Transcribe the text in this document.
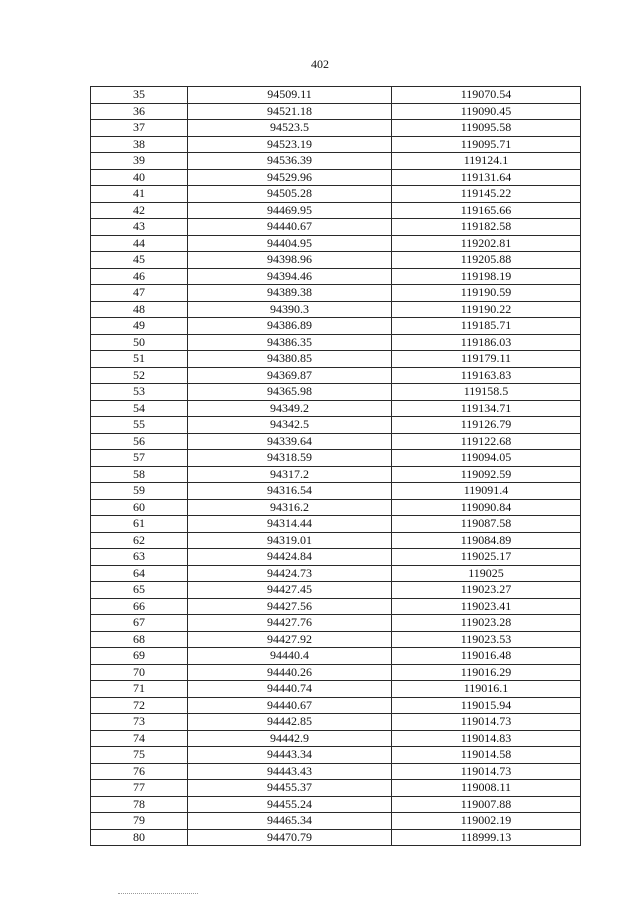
402
35	94509.11	119070.54
36	94521.18	119090.45
37	94523.5	119095.58
38	94523.19	119095.71
39	94536.39	119124.1
40	94529.96	119131.64
41	94505.28	119145.22
42	94469.95	119165.66
43	94440.67	119182.58
44	94404.95	119202.81
45	94398.96	119205.88
46	94394.46	119198.19
47	94389.38	119190.59
48	94390.3	119190.22
49	94386.89	119185.71
50	94386.35	119186.03
51	94380.85	119179.11
52	94369.87	119163.83
53	94365.98	119158.5
54	94349.2	119134.71
55	94342.5	119126.79
56	94339.64	119122.68
57	94318.59	119094.05
58	94317.2	119092.59
59	94316.54	119091.4
60	94316.2	119090.84
61	94314.44	119087.58
62	94319.01	119084.89
63	94424.84	119025.17
64	94424.73	119025
65	94427.45	119023.27
66	94427.56	119023.41
67	94427.76	119023.28
68	94427.92	119023.53
69	94440.4	119016.48
70	94440.26	119016.29
71	94440.74	119016.1
72	94440.67	119015.94
73	94442.85	119014.73
74	94442.9	119014.83
75	94443.34	119014.58
76	94443.43	119014.73
77	94455.37	119008.11
78	94455.24	119007.88
79	94465.34	119002.19
80	94470.79	118999.13
